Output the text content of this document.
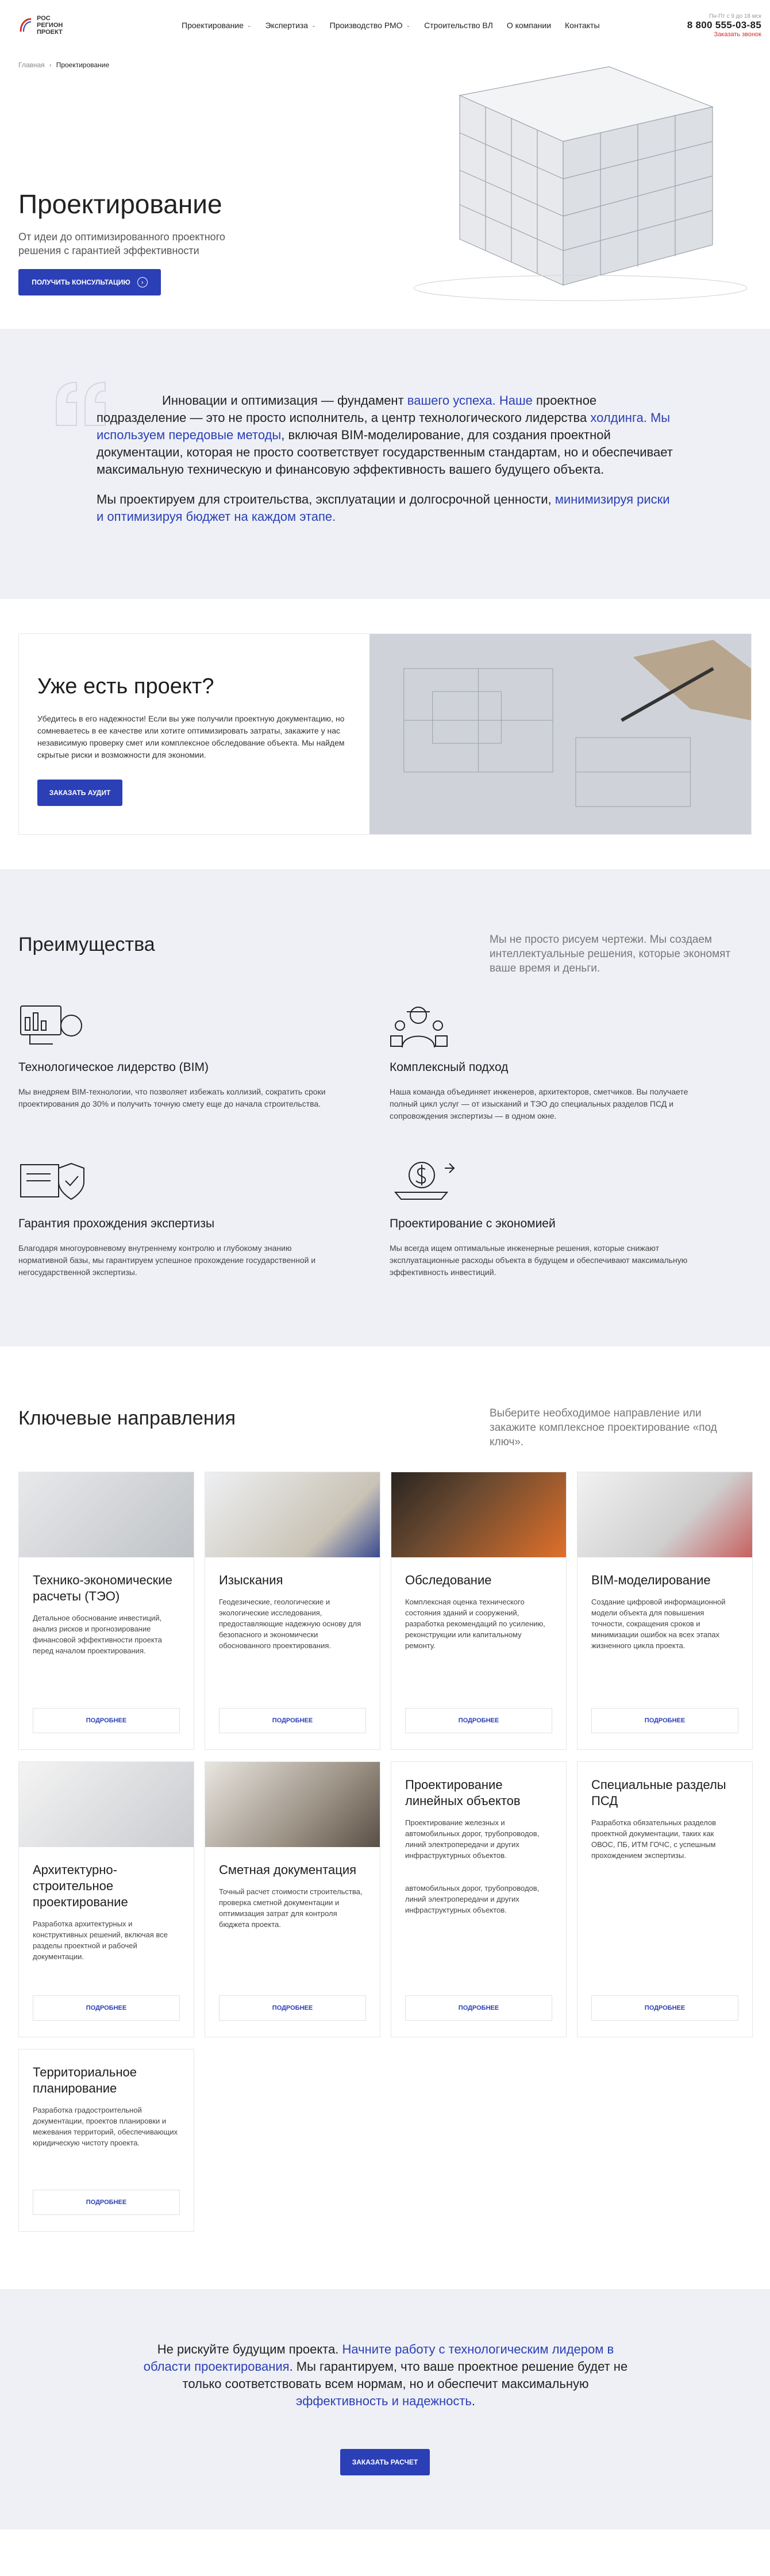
РОС
РЕГИОН
ПРОЕКТ
Проектирование ⌄ Экспертиза ⌄ Производство РМО ⌄ Строительство ВЛ О компании Контакты
Пн-Пт с 9 до 18 мск
8 800 555-03-85
Заказать звонок
Главная › Проектирование
Проектирование

От идеи до оптимизированного проектного решения с гарантией эффективности

ПОЛУЧИТЬ КОНСУЛЬТАЦИЮ	›

Инновации и оптимизация — фундамент вашего успеха. Наше проектное подразделение — это не просто исполнитель, а центр технологического лидерства холдинга. Мы используем передовые методы, включая BIM-моделирование, для создания проектной документации, которая не просто соответствует государственным стандартам, но и обеспечивает максимальную техническую и финансовую эффективность вашего будущего объекта.

Мы проектируем для строительства, эксплуатации и долгосрочной ценности, минимизируя риски и оптимизируя бюджет на каждом этапе.

Уже есть проект?

Убедитесь в его надежности! Если вы уже получили проектную документацию, но сомневаетесь в ее качестве или хотите оптимизировать затраты, закажите у нас независимую проверку смет или комплексное обследование объекта. Мы найдем скрытые риски и возможности для экономии.

ЗАКАЗАТЬ АУДИТ
Преимущества	Мы не просто рисуем чертежи. Мы создаем интеллектуальные решения, которые экономят ваше время и деньги.

Технологическое лидерство (BIM)

Мы внедряем BIM-технологии, что позволяет избежать коллизий, сократить сроки проектирования до 30% и получить точную смету еще до начала строительства.

Комплексный подход

Наша команда объединяет инженеров, архитекторов, сметчиков. Вы получаете полный цикл услуг — от изысканий и ТЭО до специальных разделов ПСД и сопровождения экспертизы — в одном окне.

Гарантия прохождения экспертизы

Благодаря многоуровневому внутреннему контролю и глубокому знанию нормативной базы, мы гарантируем успешное прохождение государственной и негосударственной экспертизы.

Проектирование с экономией

Мы всегда ищем оптимальные инженерные решения, которые снижают эксплуатационные расходы объекта в будущем и обеспечивают максимальную эффективность инвестиций.

Ключевые направления	Выберите необходимое направление или закажите комплексное проектирование «под ключ».

Технико-экономические расчеты (ТЭО)

Детальное обоснование инвестиций, анализ рисков и прогнозирование финансовой эффективности проекта перед началом проектирования.

ПОДРОБНЕЕ
Изыскания

Геодезические, геологические и экологические исследования, предоставляющие надежную основу для безопасного и экономически обоснованного проектирования.

ПОДРОБНЕЕ
Обследование

Комплексная оценка технического состояния зданий и сооружений, разработка рекомендаций по усилению, реконструкции или капитальному ремонту.

ПОДРОБНЕЕ
BIM-моделирование

Создание цифровой информационной модели объекта для повышения точности, сокращения сроков и минимизации ошибок на всех этапах жизненного цикла проекта.

ПОДРОБНЕЕ
Архитектурно-строительное проектирование

Разработка архитектурных и конструктивных решений, включая все разделы проектной и рабочей документации.

ПОДРОБНЕЕ
Сметная документация

Точный расчет стоимости строительства, проверка сметной документации и оптимизация затрат для контроля бюджета проекта.

ПОДРОБНЕЕ
Проектирование линейных объектов

Проектирование железных и автомобильных дорог, трубопроводов, линий электропередачи и других инфраструктурных объектов.

автомобильных дорог, трубопроводов, линий электропередачи и других инфраструктурных объектов.

ПОДРОБНЕЕ
Специальные разделы ПСД

Разработка обязательных разделов проектной документации, таких как ОВОС, ПБ, ИТМ ГОЧС, с успешным прохождением экспертизы.

ПОДРОБНЕЕ
Территориальное планирование

Разработка градостроительной документации, проектов планировки и межевания территорий, обеспечивающих юридическую чистоту проекта.

ПОДРОБНЕЕ

Не рискуйте будущим проекта. Начните работу с технологическим лидером в области проектирования. Мы гарантируем, что ваше проектное решение будет не только соответствовать всем нормам, но и обеспечит максимальную эффективность и надежность.

ЗАКАЗАТЬ РАСЧЕТ
